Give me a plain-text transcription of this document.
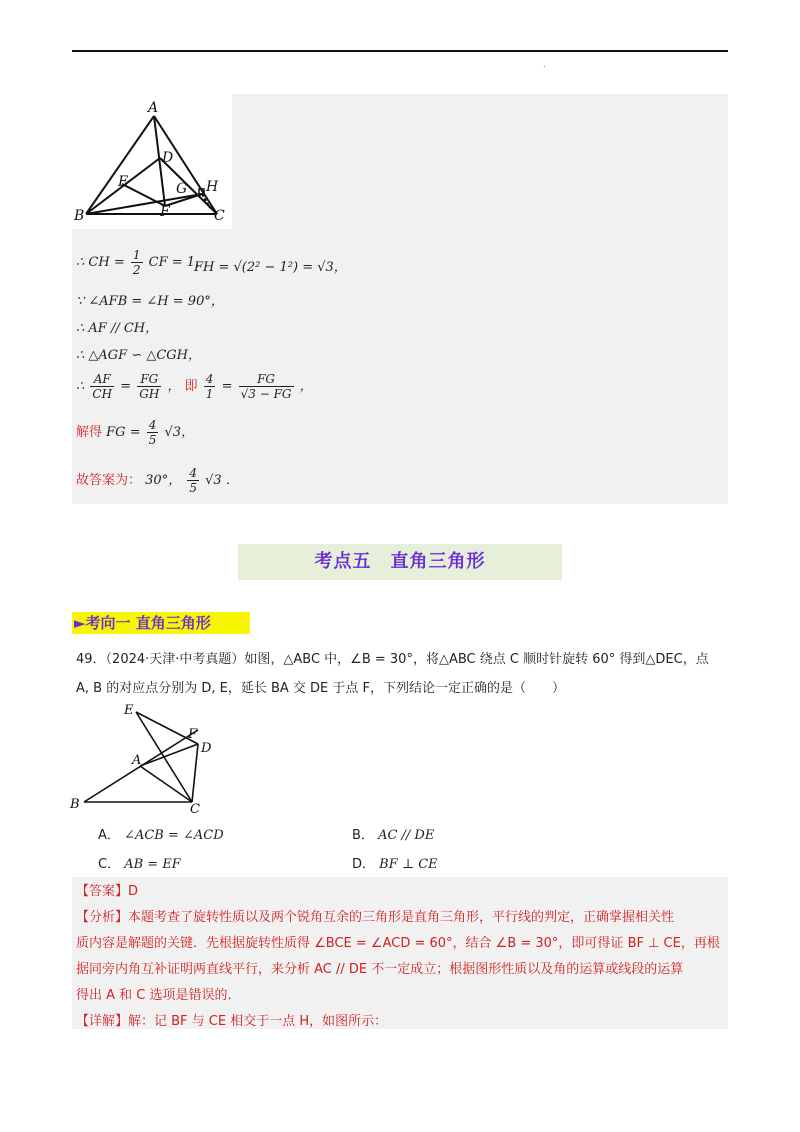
.
A
D
E	G H
B	F	C
∴ CH = $\frac{1}{2}$ CF = 1，
FH = √(2² − 1²) = √3，
∵ ∠AFB = ∠H = 90°，
∴ AF // CH，
∴ △AGF ∽ △CGH，
∴ $\frac{AF}{CH} = \frac{FG}{GH}$ ， 即 $\frac{4}{1} = \frac{FG}{√3 - FG}$ ，
解得 FG = $\frac{4}{5} √3$，
故答案为： 30°， $\frac{4}{5} √3$ ．
考点五　直角三角形
►考向一 直角三角形
49．（2024·天津·中考真题）如图，△ABC 中，∠B = 30°，将△ABC 绕点 C 顺时针旋转 60° 得到△DEC，点
A, B 的对应点分别为 D, E，延长 BA 交 DE 于点 F，下列结论一定正确的是（　　）
E
F
D
A
B	C
A． ∠ACB = ∠ACD	B． AC // DE
C． AB = EF	D． BF ⊥ CE
【答案】D
【分析】本题考查了旋转性质以及两个锐角互余的三角形是直角三角形，平行线的判定，正确掌握相关性
质内容是解题的关键．先根据旋转性质得 ∠BCE = ∠ACD = 60°，结合 ∠B = 30°，即可得证 BF ⊥ CE，再根
据同旁内角互补证明两直线平行，来分析 AC // DE 不一定成立；根据图形性质以及角的运算或线段的运算
得出 A 和 C 选项是错误的．
【详解】解：记 BF 与 CE 相交于一点 H，如图所示：
